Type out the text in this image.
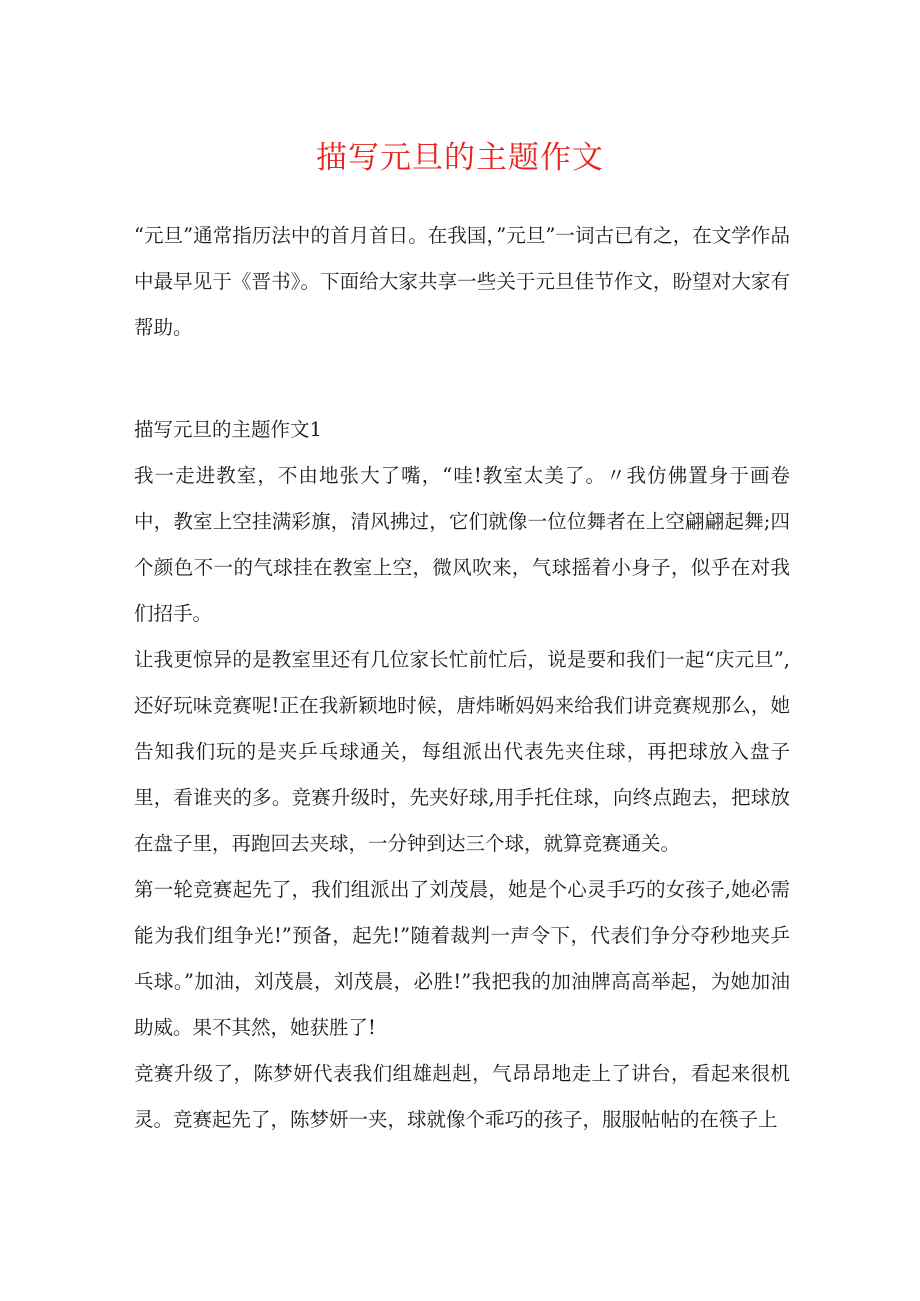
描写元旦的主题作文

“元旦”通常指历法中的首月首日。在我国，”元旦”一词古已有之，在文学作品中最早见于《晋书》。下面给大家共享一些关于元旦佳节作文，盼望对大家有帮助。

描写元旦的主题作文1

我一走进教室，不由地张大了嘴，“哇!教室太美了。〃我仿佛置身于画卷中，教室上空挂满彩旗，清风拂过，它们就像一位位舞者在上空翩翩起舞;四个颜色不一的气球挂在教室上空，微风吹来，气球摇着小身子，似乎在对我们招手。

让我更惊异的是教室里还有几位家长忙前忙后，说是要和我们一起“庆元旦”,还好玩味竞赛呢!正在我新颖地时候，唐炜晰妈妈来给我们讲竞赛规那么，她告知我们玩的是夹乒乓球通关，每组派出代表先夹住球，再把球放入盘子里，看谁夹的多。竞赛升级时，先夹好球,用手托住球，向终点跑去，把球放在盘子里，再跑回去夹球，一分钟到达三个球，就算竞赛通关。

第一轮竞赛起先了，我们组派出了刘茂晨，她是个心灵手巧的女孩子,她必需能为我们组争光!”预备，起先!”随着裁判一声令下，代表们争分夺秒地夹乒乓球。”加油，刘茂晨，刘茂晨，必胜!”我把我的加油牌高高举起，为她加油助威。果不其然，她获胜了!

竞赛升级了，陈梦妍代表我们组雄赳赳，气昂昂地走上了讲台，看起来很机灵。竞赛起先了，陈梦妍一夹，球就像个乖巧的孩子，服服帖帖的在筷子上
